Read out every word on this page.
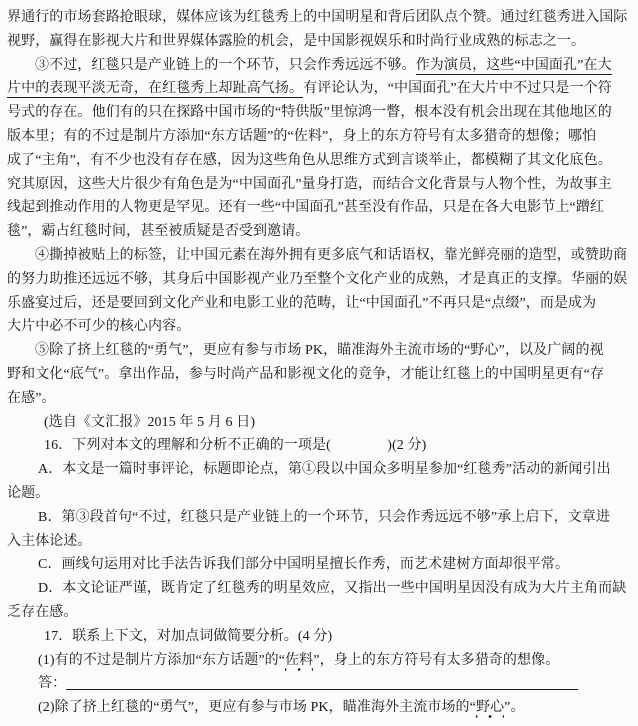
界通行的市场套路抢眼球，媒体应该为红毯秀上的中国明星和背后团队点个赞。通过红毯秀进入国际
视野，赢得在影视大片和世界媒体露脸的机会，是中国影视娱乐和时尚行业成熟的标志之一。
③不过，红毯只是产业链上的一个环节，只会作秀远远不够。作为演员，这些“中国面孔”在大
片中的表现平淡无奇，在红毯秀上却趾高气扬。有评论认为，“中国面孔”在大片中不过只是一个符
号式的存在。他们有的只在探路中国市场的“特供版”里惊鸿一瞥，根本没有机会出现在其他地区的
版本里；有的不过是制片方添加“东方话题”的“佐料”，身上的东方符号有太多猎奇的想像；哪怕
成了“主角”，有不少也没有存在感，因为这些角色从思维方式到言谈举止，都模糊了其文化底色。
究其原因，这些大片很少有角色是为“中国面孔”量身打造，而结合文化背景与人物个性，为故事主
线起到推动作用的人物更是罕见。还有一些“中国面孔”甚至没有作品，只是在各大电影节上“蹭红
毯”，霸占红毯时间，甚至被质疑是否受到邀请。
④撕掉被贴上的标签，让中国元素在海外拥有更多底气和话语权，靠光鲜亮丽的造型，或赞助商
的努力助推还远远不够，其身后中国影视产业乃至整个文化产业的成熟，才是真正的支撑。华丽的娱
乐盛宴过后，还是要回到文化产业和电影工业的范畴，让“中国面孔”不再只是“点缀”，而是成为
大片中必不可少的核心内容。
⑤除了挤上红毯的“勇气”，更应有参与市场 PK，瞄准海外主流市场的“野心”，以及广阔的视
野和文化“底气”。拿出作品，参与时尚产品和影视文化的竞争，才能让红毯上的中国明星更有“存
在感”。
(选自《文汇报》2015 年 5 月 6 日)
16．下列对本文的理解和分析不正确的一项是(　　　　)(2 分)
A．本文是一篇时事评论，标题即论点，第①段以中国众多明星参加“红毯秀”活动的新闻引出
论题。
B．第③段首句“不过，红毯只是产业链上的一个环节，只会作秀远远不够”承上启下，文章进
入主体论述。
C．画线句运用对比手法告诉我们部分中国明星擅长作秀，而艺术建树方面却很平常。
D．本文论证严谨，既肯定了红毯秀的明星效应，又指出一些中国明星因没有成为大片主角而缺
乏存在感。
17．联系上下文，对加点词做简要分析。(4 分)
(1)有的不过是制片方添加“东方话题”的“佐料”，身上的东方符号有太多猎奇的想像。
答：
(2)除了挤上红毯的“勇气”，更应有参与市场 PK，瞄准海外主流市场的“野心”。
